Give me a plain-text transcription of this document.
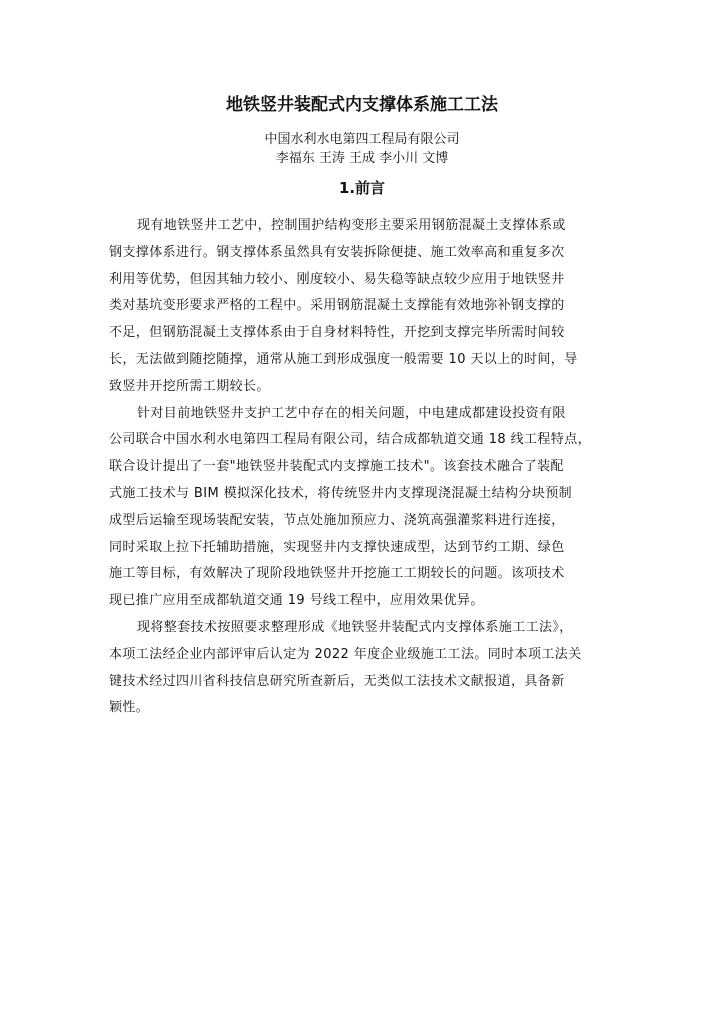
地铁竖井装配式内支撑体系施工工法
中国水利水电第四工程局有限公司
李福东 王涛 王成 李小川 文博
1.前言
现有地铁竖井工艺中，控制围护结构变形主要采用钢筋混凝土支撑体系或
钢支撑体系进行。钢支撑体系虽然具有安装拆除便捷、施工效率高和重复多次
利用等优势，但因其轴力较小、刚度较小、易失稳等缺点较少应用于地铁竖井
类对基坑变形要求严格的工程中。采用钢筋混凝土支撑能有效地弥补钢支撑的
不足，但钢筋混凝土支撑体系由于自身材料特性，开挖到支撑完毕所需时间较
长，无法做到随挖随撑，通常从施工到形成强度一般需要 10 天以上的时间，导
致竖井开挖所需工期较长。
针对目前地铁竖井支护工艺中存在的相关问题，中电建成都建设投资有限
公司联合中国水利水电第四工程局有限公司，结合成都轨道交通 18 线工程特点，
联合设计提出了一套"地铁竖井装配式内支撑施工技术"。该套技术融合了装配
式施工技术与 BIM 模拟深化技术，将传统竖井内支撑现浇混凝土结构分块预制
成型后运输至现场装配安装，节点处施加预应力、浇筑高强灌浆料进行连接，
同时采取上拉下托辅助措施，实现竖井内支撑快速成型，达到节约工期、绿色
施工等目标，有效解决了现阶段地铁竖井开挖施工工期较长的问题。该项技术
现已推广应用至成都轨道交通 19 号线工程中，应用效果优异。
现将整套技术按照要求整理形成《地铁竖井装配式内支撑体系施工工法》，
本项工法经企业内部评审后认定为 2022 年度企业级施工工法。同时本项工法关
键技术经过四川省科技信息研究所查新后，无类似工法技术文献报道，具备新
颖性。
